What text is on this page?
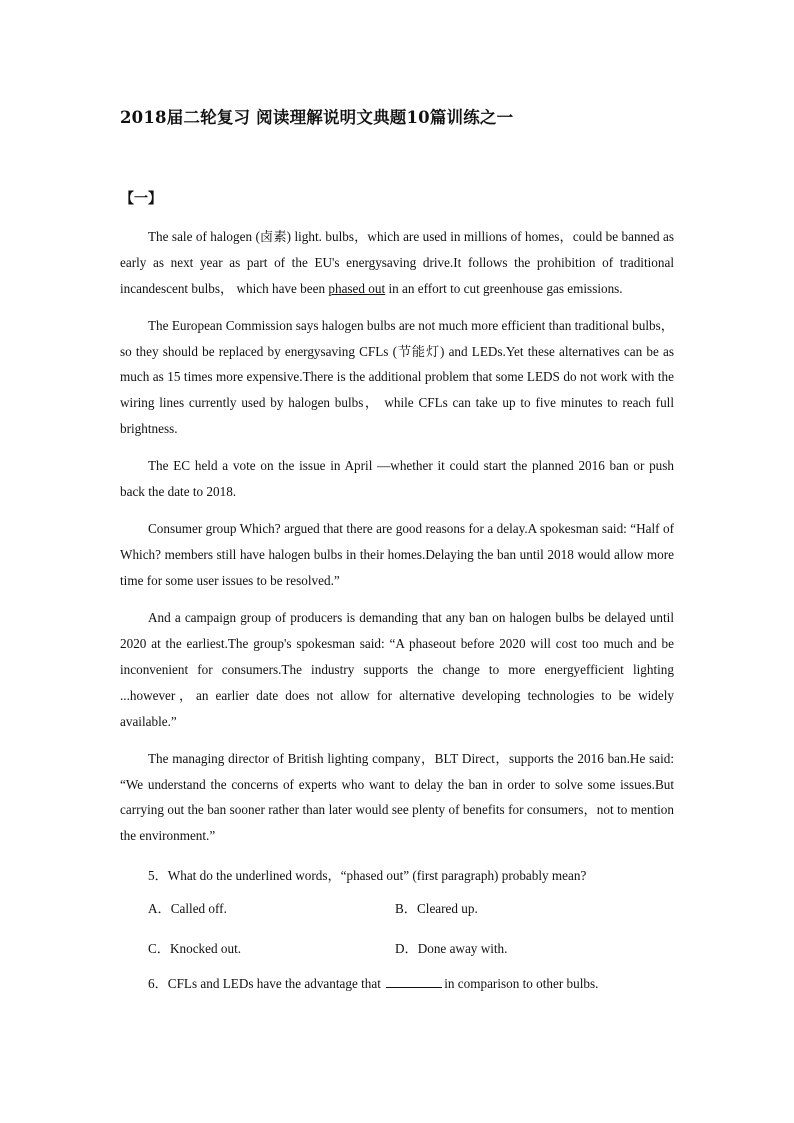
2018届二轮复习 阅读理解说明文典题10篇训练之一
【一】

The sale of halogen (卤素) light. bulbs，which are used in millions of homes，could be banned as early as next year as part of the EU's energysaving drive.It follows the prohibition of traditional incandescent bulbs， which have been phased out in an effort to cut greenhouse gas emissions.

The European Commission says halogen bulbs are not much more efficient than traditional bulbs，so they should be replaced by energysaving CFLs (节能灯) and LEDs.Yet these alternatives can be as much as 15 times more expensive.There is the additional problem that some LEDS do not work with the wiring lines currently used by halogen bulbs， while CFLs can take up to five minutes to reach full brightness.

The EC held a vote on the issue in April —whether it could start the planned 2016 ban or push back the date to 2018.

Consumer group Which? argued that there are good reasons for a delay.A spokesman said: “Half of Which? members still have halogen bulbs in their homes.Delaying the ban until 2018 would allow more time for some user issues to be resolved.”

And a campaign group of producers is demanding that any ban on halogen bulbs be delayed until 2020 at the earliest.The group's spokesman said: “A phaseout before 2020 will cost too much and be inconvenient for consumers.The industry supports the change to more energyefficient lighting ...however，an earlier date does not allow for alternative developing technologies to be widely available.”

The managing director of British lighting company，BLT Direct，supports the 2016 ban.He said: “We understand the concerns of experts who want to delay the ban in order to solve some issues.But carrying out the ban sooner rather than later would see plenty of benefits for consumers，not to mention the environment.”

5．What do the underlined words，“phased out” (first paragraph) probably mean?

A．Called off.	B．Cleared up.
C．Knocked out.	D．Done away with.

6．CFLs and LEDs have the advantage that	in comparison to other bulbs.
